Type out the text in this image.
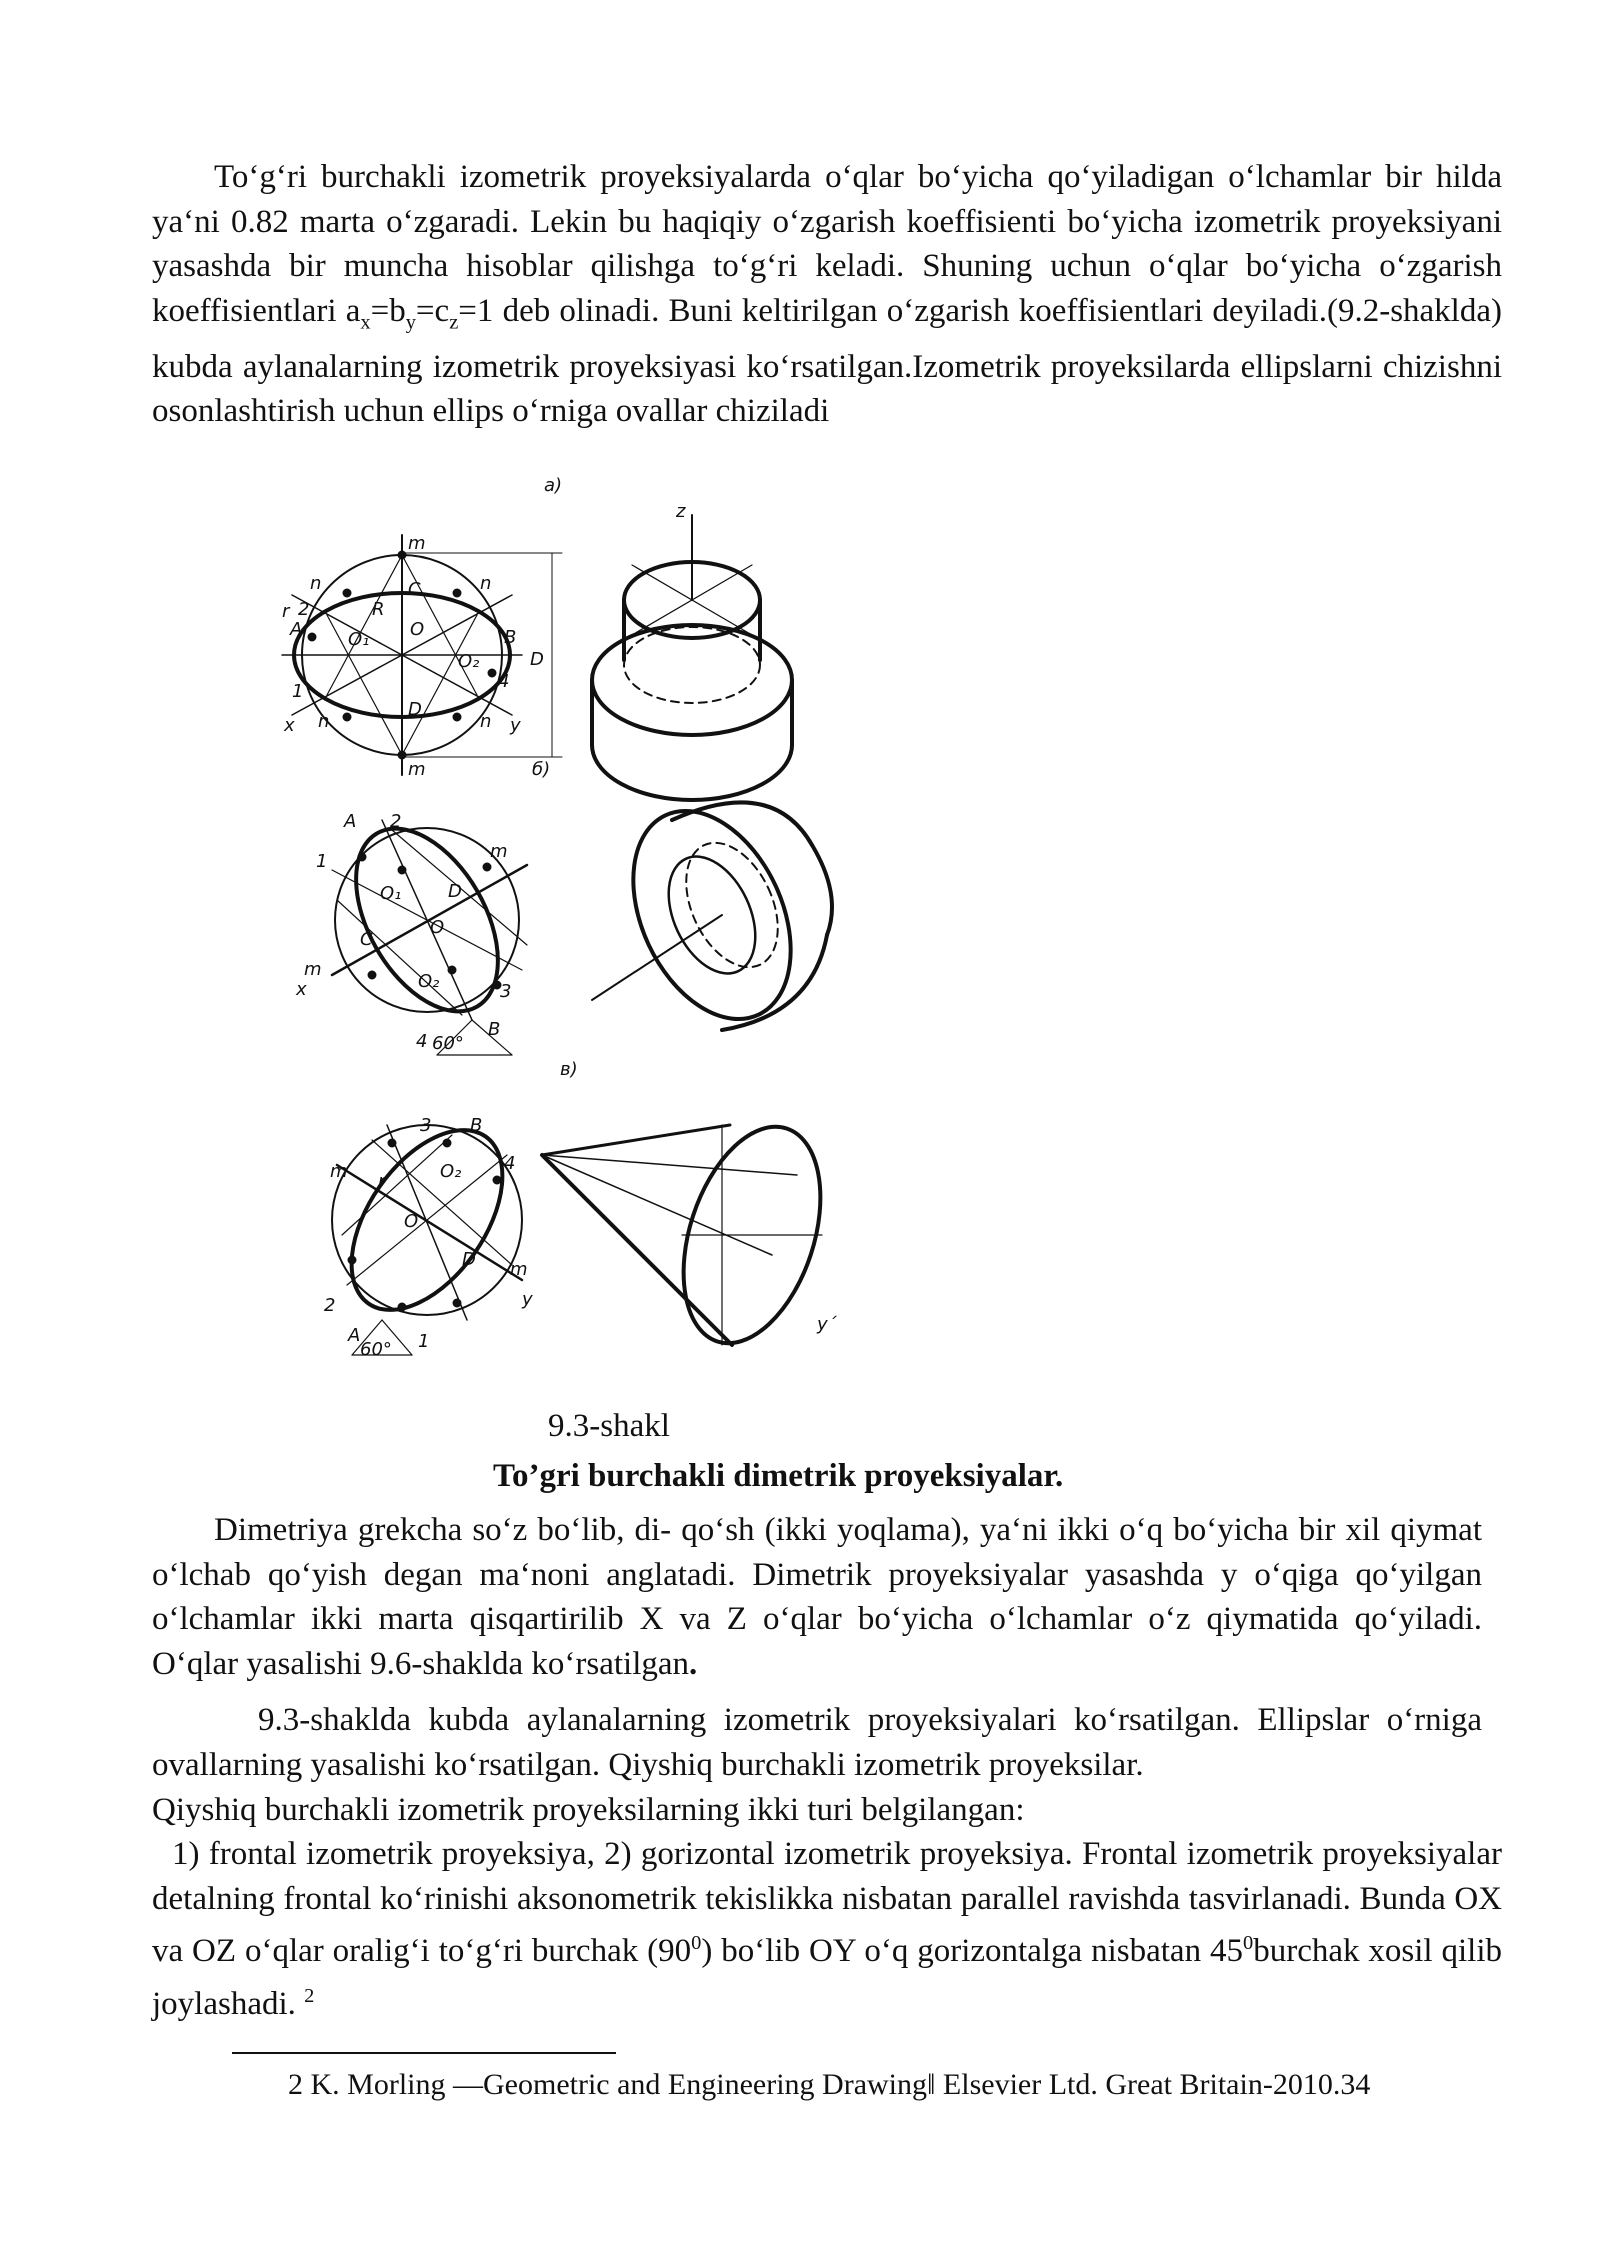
To‘g‘ri burchakli izometrik proyeksiyalarda o‘qlar bo‘yicha qo‘yiladigan o‘lchamlar bir hilda ya‘ni 0.82 marta o‘zgaradi. Lekin bu haqiqiy o‘zgarish koeffisienti bo‘yicha izometrik proyeksiyani yasashda bir muncha hisoblar qilishga to‘g‘ri keladi. Shuning uchun o‘qlar bo‘yicha o‘zgarish koeffisientlari $a_x=b_y=c_z=1$ deb olinadi. Buni keltirilgan o‘zgarish koeffisientlari deyiladi.(9.2-shaklda) kubda aylanalarning izometrik proyeksiyasi ko‘rsatilgan.Izometrik proyeksilarda ellipslarni chizishni osonlashtirish uchun ellips o‘rniga ovallar chiziladi

a)
б)
в)
z
y´
m
m
n
n
n	n
x	y
D
C
O
O₁
O₂
D
R
r
A
2
B
4
1
A 2
1	m
m
x
O₁	D
O
C
O₂	3
B
4 60°
3 B
4
m r	O₂
O
D m
y
2
A	1
60°
9.3-shakl
To’gri burchakli dimetrik proyeksiyalar.

Dimetriya grekcha so‘z bo‘lib, di- qo‘sh (ikki yoqlama), ya‘ni ikki o‘q bo‘yicha bir xil qiymat o‘lchab qo‘yish degan ma‘noni anglatadi. Dimetrik proyeksiyalar yasashda y o‘qiga qo‘yilgan o‘lchamlar ikki marta qisqartirilib X va Z o‘qlar bo‘yicha o‘lchamlar o‘z qiymatida qo‘yiladi. O‘qlar yasalishi 9.6-shaklda ko‘rsatilgan.

9.3-shaklda kubda aylanalarning izometrik proyeksiyalari ko‘rsatilgan. Ellipslar o‘rniga ovallarning yasalishi ko‘rsatilgan. Qiyshiq burchakli izometrik proyeksilar.

Qiyshiq burchakli izometrik proyeksilarning ikki turi belgilangan:

1) frontal izometrik proyeksiya, 2) gorizontal izometrik proyeksiya. Frontal izometrik proyeksiyalar detalning frontal ko‘rinishi aksonometrik tekislikka nisbatan parallel ravishda tasvirlanadi. Bunda OX va OZ o‘qlar oralig‘i to‘g‘ri burchak $(90^0)$ bo‘lib OY o‘q gorizontalga nisbatan $45^0burchak$ xosil qilib joylashadi. $^2$

2 K. Morling ―Geometric and Engineering Drawing‖ Elsevier Ltd. Great Britain-2010.34
